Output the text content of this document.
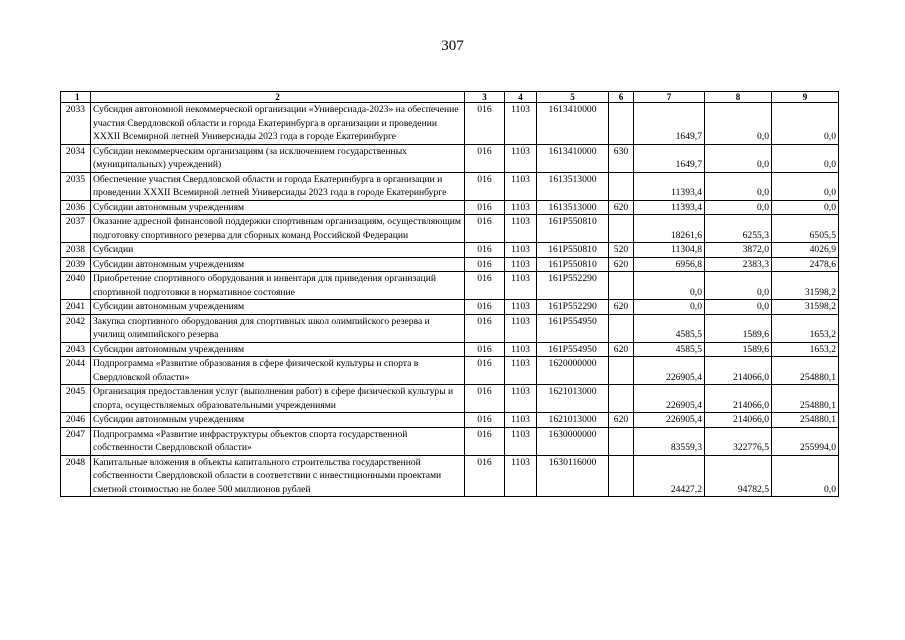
307
1	2	3	4	5	6	7	8	9
2033	Субсидия автономной некоммерческой организации «Универсиада-2023» на обеспечение участия Свердловской области и города Екатеринбурга в организации и проведении XXXII Всемирной летней Универсиады 2023 года в городе Екатеринбурге	016	1103	1613410000		1649,7	0,0	0,0
2034	Субсидии некоммерческим организациям (за исключением государственных (муниципальных) учреждений)	016	1103	1613410000	630	1649,7	0,0	0,0
2035	Обеспечение участия Свердловской области и города Екатеринбурга в организации и проведении XXXII Всемирной летней Универсиады 2023 года в городе Екатеринбурге	016	1103	1613513000		11393,4	0,0	0,0
2036	Субсидии автономным учреждениям	016	1103	1613513000	620	11393,4	0,0	0,0
2037	Оказание адресной финансовой поддержки спортивным организациям, осуществляющим подготовку спортивного резерва для сборных команд Российской Федерации	016	1103	161P550810		18261,6	6255,3	6505,5
2038	Субсидии	016	1103	161P550810	520	11304,8	3872,0	4026,9
2039	Субсидии автономным учреждениям	016	1103	161P550810	620	6956,8	2383,3	2478,6
2040	Приобретение спортивного оборудования и инвентаря для приведения организаций спортивной подготовки в нормативное состояние	016	1103	161P552290		0,0	0,0	31598,2
2041	Субсидии автономным учреждениям	016	1103	161P552290	620	0,0	0,0	31598,2
2042	Закупка спортивного оборудования для спортивных школ олимпийского резерва и училищ олимпийского резерва	016	1103	161P554950		4585,5	1589,6	1653,2
2043	Субсидии автономным учреждениям	016	1103	161P554950	620	4585,5	1589,6	1653,2
2044	Подпрограмма «Развитие образования в сфере физической культуры и спорта в Свердловской области»	016	1103	1620000000		226905,4	214066,0	254880,1
2045	Организация предоставления услуг (выполнения работ) в сфере физической культуры и спорта, осуществляемых образовательными учреждениями	016	1103	1621013000		226905,4	214066,0	254880,1
2046	Субсидии автономным учреждениям	016	1103	1621013000	620	226905,4	214066,0	254880,1
2047	Подпрограмма «Развитие инфраструктуры объектов спорта государственной собственности Свердловской области»	016	1103	1630000000		83559,3	322776,5	255994,0
2048	Капитальные вложения в объекты капитального строительства государственной собственности Свердловской области в соответствии с инвестиционными проектами сметной стоимостью не более 500 миллионов рублей	016	1103	1630116000		24427,2	94782,5	0,0
